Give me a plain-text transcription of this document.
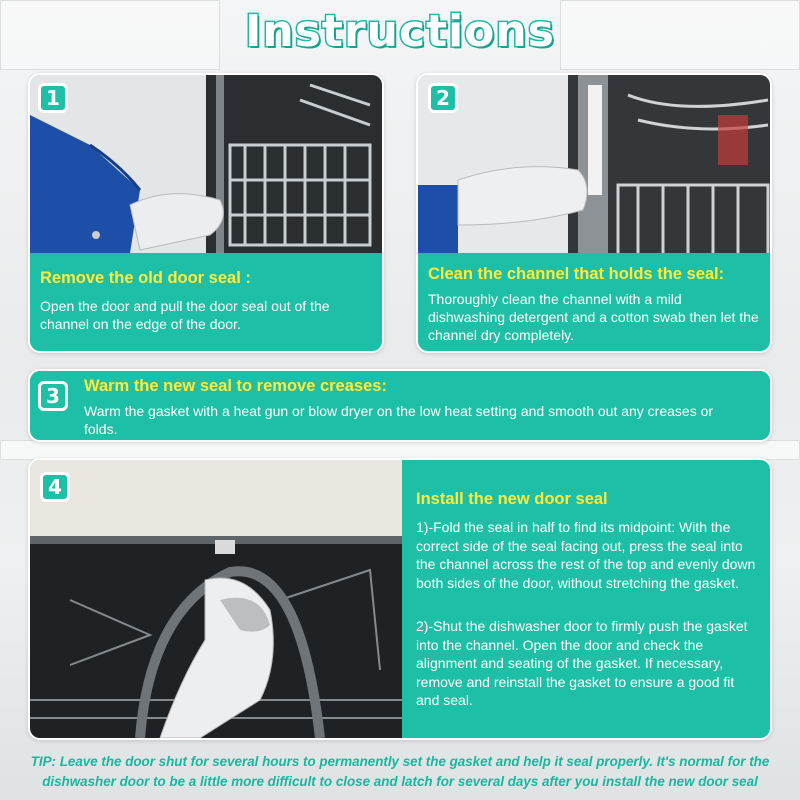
Instructions
1
Remove the old door seal :
Open the door and pull the door seal out of the channel on the edge of the door.
2
Clean the channel that holds the seal:
Thoroughly clean the channel with a mild dishwashing detergent and a cotton swab then let the channel dry completely.
3	Warm the new seal to remove creases:
Warm the gasket with a heat gun or blow dryer on the low heat setting and smooth out any creases or folds.
4	Install the new door seal
1)-Fold the seal in half to find its midpoint: With the correct side of the seal facing out, press the seal into the channel across the rest of the top and evenly down both sides of the door, without stretching the gasket.
2)-Shut the dishwasher door to firmly push the gasket into the channel. Open the door and check the alignment and seating of the gasket. If necessary, remove and reinstall the gasket to ensure a good fit and seal.
TIP: Leave the door shut for several hours to permanently set the gasket and help it seal properly. It's normal for the dishwasher door to be a little more difficult to close and latch for several days after you install the new door seal
